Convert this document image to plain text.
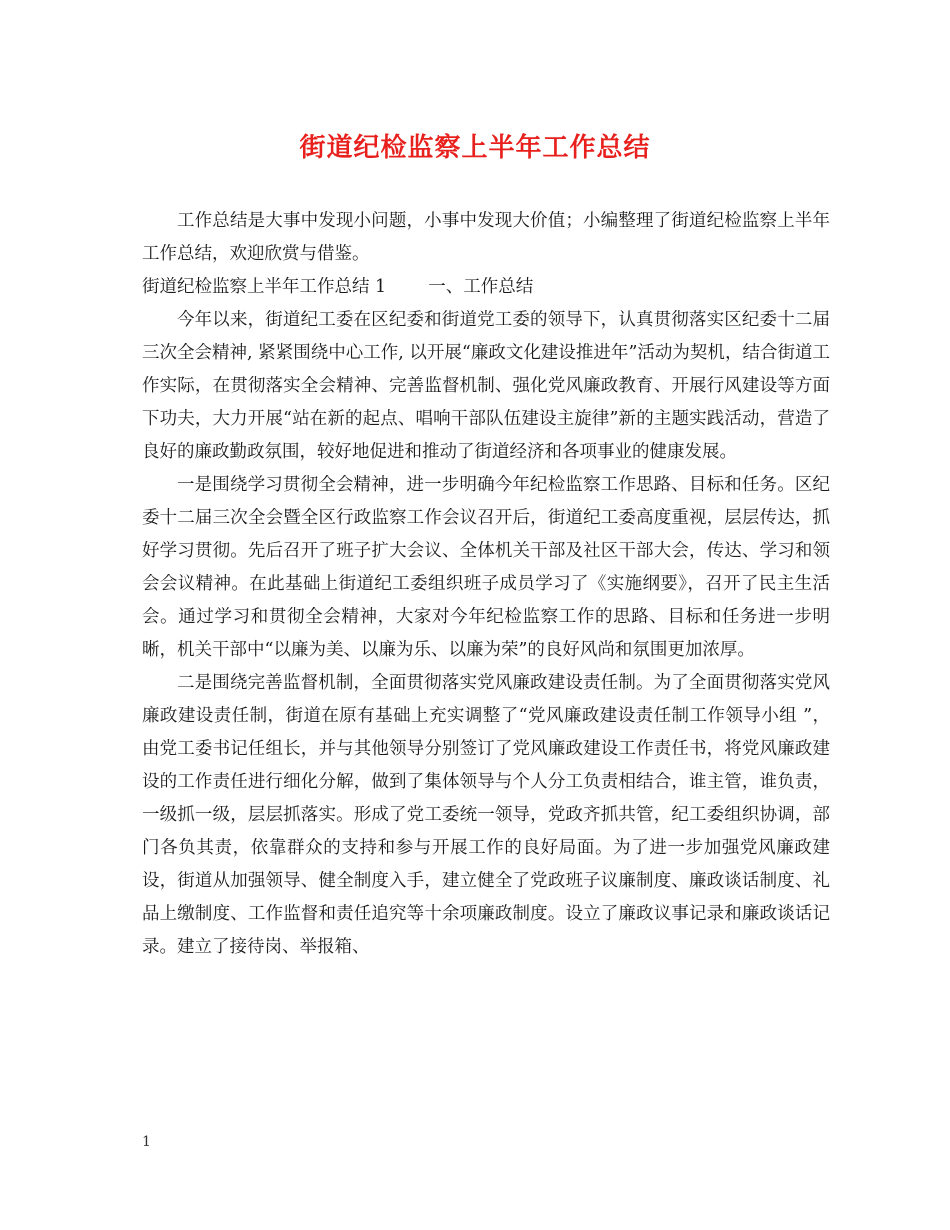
街道纪检监察上半年工作总结

工作总结是大事中发现小问题，小事中发现大价值；小编整理了街道纪检监察上半年工作总结，欢迎欣赏与借鉴。

街道纪检监察上半年工作总结 1 一、工作总结

今年以来，街道纪工委在区纪委和街道党工委的领导下，认真贯彻落实区纪委十二届三次全会精神, 紧紧围绕中心工作, 以开展“廉政文化建设推进年”活动为契机，结合街道工作实际，在贯彻落实全会精神、完善监督机制、强化党风廉政教育、开展行风建设等方面下功夫，大力开展“站在新的起点、唱响干部队伍建设主旋律”新的主题实践活动，营造了良好的廉政勤政氛围，较好地促进和推动了街道经济和各项事业的健康发展。

一是围绕学习贯彻全会精神，进一步明确今年纪检监察工作思路、目标和任务。区纪委十二届三次全会暨全区行政监察工作会议召开后，街道纪工委高度重视，层层传达，抓好学习贯彻。先后召开了班子扩大会议、全体机关干部及社区干部大会，传达、学习和领会会议精神。在此基础上街道纪工委组织班子成员学习了《实施纲要》，召开了民主生活会。通过学习和贯彻全会精神，大家对今年纪检监察工作的思路、目标和任务进一步明晰，机关干部中“以廉为美、以廉为乐、以廉为荣”的良好风尚和氛围更加浓厚。

二是围绕完善监督机制，全面贯彻落实党风廉政建设责任制。为了全面贯彻落实党风廉政建设责任制，街道在原有基础上充实调整了“党风廉政建设责任制工作领导小组 ”，由党工委书记任组长，并与其他领导分别签订了党风廉政建设工作责任书，将党风廉政建设的工作责任进行细化分解，做到了集体领导与个人分工负责相结合，谁主管，谁负责，一级抓一级，层层抓落实。形成了党工委统一领导，党政齐抓共管，纪工委组织协调，部门各负其责，依靠群众的支持和参与开展工作的良好局面。为了进一步加强党风廉政建设，街道从加强领导、健全制度入手，建立健全了党政班子议廉制度、廉政谈话制度、礼品上缴制度、工作监督和责任追究等十余项廉政制度。设立了廉政议事记录和廉政谈话记录。建立了接待岗、举报箱、

1
